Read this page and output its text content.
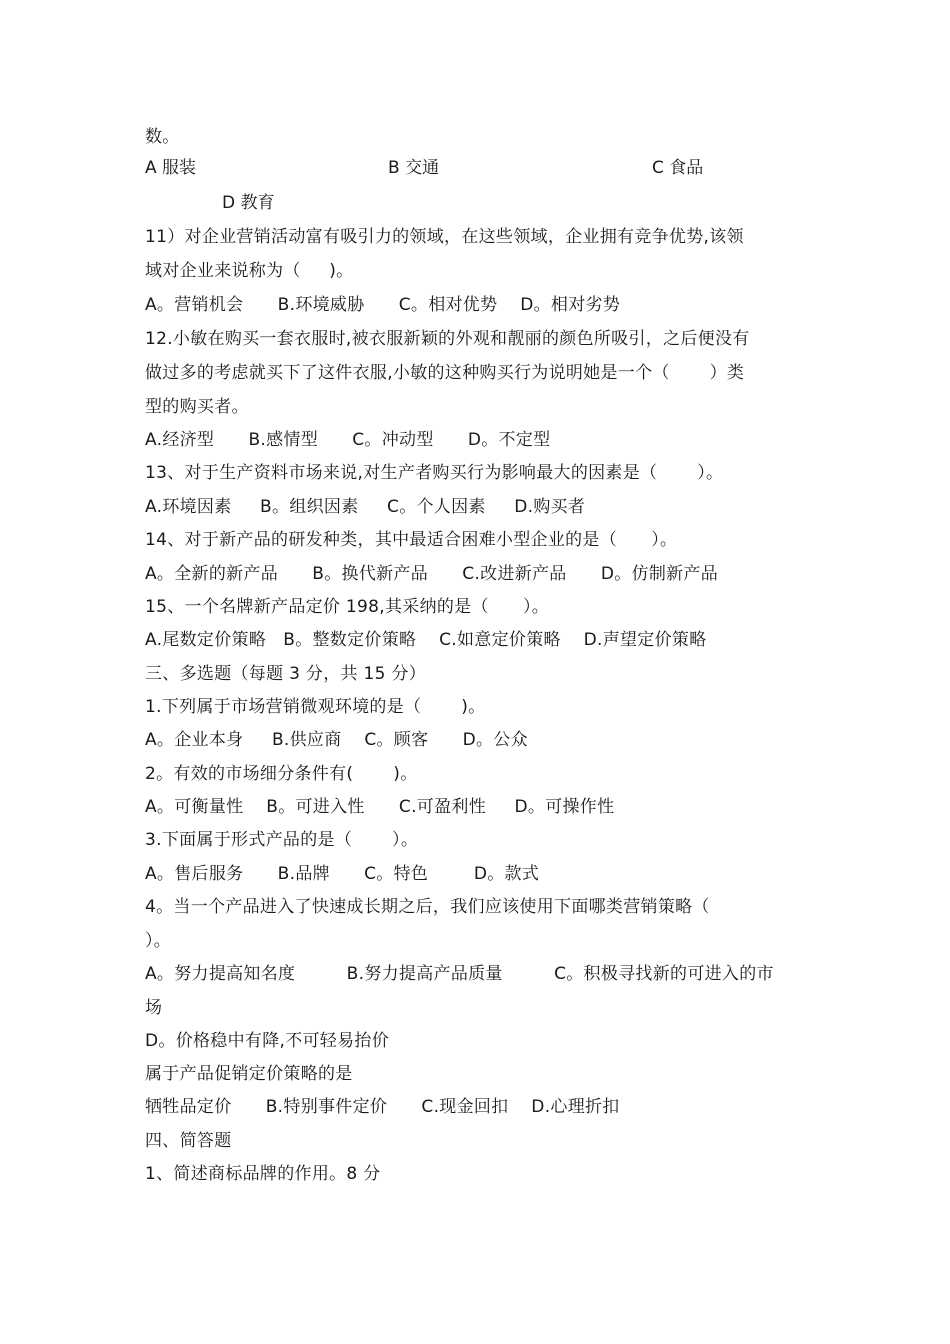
数。
A 服装	B 交通	C 食品
D 教育
11）对企业营销活动富有吸引力的领域，在这些领域，企业拥有竞争优势,该领
域对企业来说称为（     )。
A。营销机会      B.环境威胁      C。相对优势    D。相对劣势
12.小敏在购买一套衣服时,被衣服新颖的外观和靓丽的颜色所吸引，之后便没有
做过多的考虑就买下了这件衣服,小敏的这种购买行为说明她是一个（       ）类
型的购买者。
A.经济型      B.感情型      C。冲动型      D。不定型
13、对于生产资料市场来说,对生产者购买行为影响最大的因素是（       ）。
A.环境因素     B。组织因素     C。个人因素     D.购买者
14、对于新产品的研发种类，其中最适合困难小型企业的是（      ）。
A。全新的新产品      B。换代新产品      C.改进新产品      D。仿制新产品
15、一个名牌新产品定价 198,其采纳的是（      ）。
A.尾数定价策略   B。整数定价策略    C.如意定价策略    D.声望定价策略
三、多选题（每题 3 分，共 15 分）
1.下列属于市场营销微观环境的是（       )。
A。企业本身     B.供应商    C。顾客      D。公众
2。有效的市场细分条件有(       )。
A。可衡量性    B。可进入性      C.可盈利性     D。可操作性
3.下面属于形式产品的是（       ）。
A。售后服务      B.品牌      C。特色        D。款式
4。当一个产品进入了快速成长期之后，我们应该使用下面哪类营销策略（
）。
A。努力提高知名度         B.努力提高产品质量         C。积极寻找新的可进入的市
场
D。价格稳中有降,不可轻易抬价
属于产品促销定价策略的是
牺牲品定价      B.特别事件定价      C.现金回扣    D.心理折扣
四、简答题
1、简述商标品牌的作用。8 分
